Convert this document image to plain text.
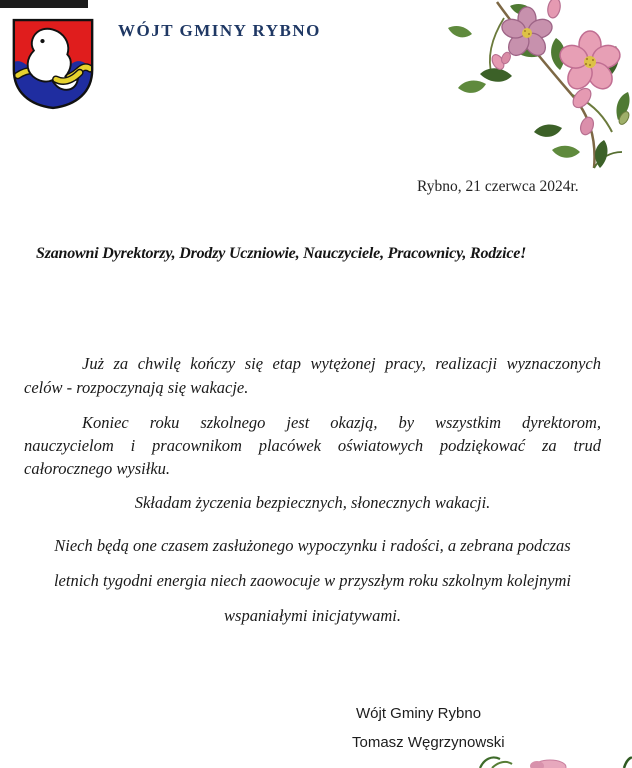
WÓJT GMINY RYBNO
Rybno, 21 czerwca 2024r.
Szanowni Dyrektorzy, Drodzy Uczniowie, Nauczyciele, Pracownicy, Rodzice!
Już za chwilę kończy się etap wytężonej pracy, realizacji wyznaczonych
celów - rozpoczynają się wakacje.
Koniec roku szkolnego jest okazją, by wszystkim dyrektorom,
nauczycielom i pracownikom placówek oświatowych podziękować za trud
całorocznego wysiłku.
Składam życzenia bezpiecznych, słonecznych wakacji.
Niech będą one czasem zasłużonego wypoczynku i radości, a zebrana podczas
letnich tygodni energia niech zaowocuje w przyszłym roku szkolnym kolejnymi
wspaniałymi inicjatywami.
Wójt Gminy Rybno
Tomasz Węgrzynowski
